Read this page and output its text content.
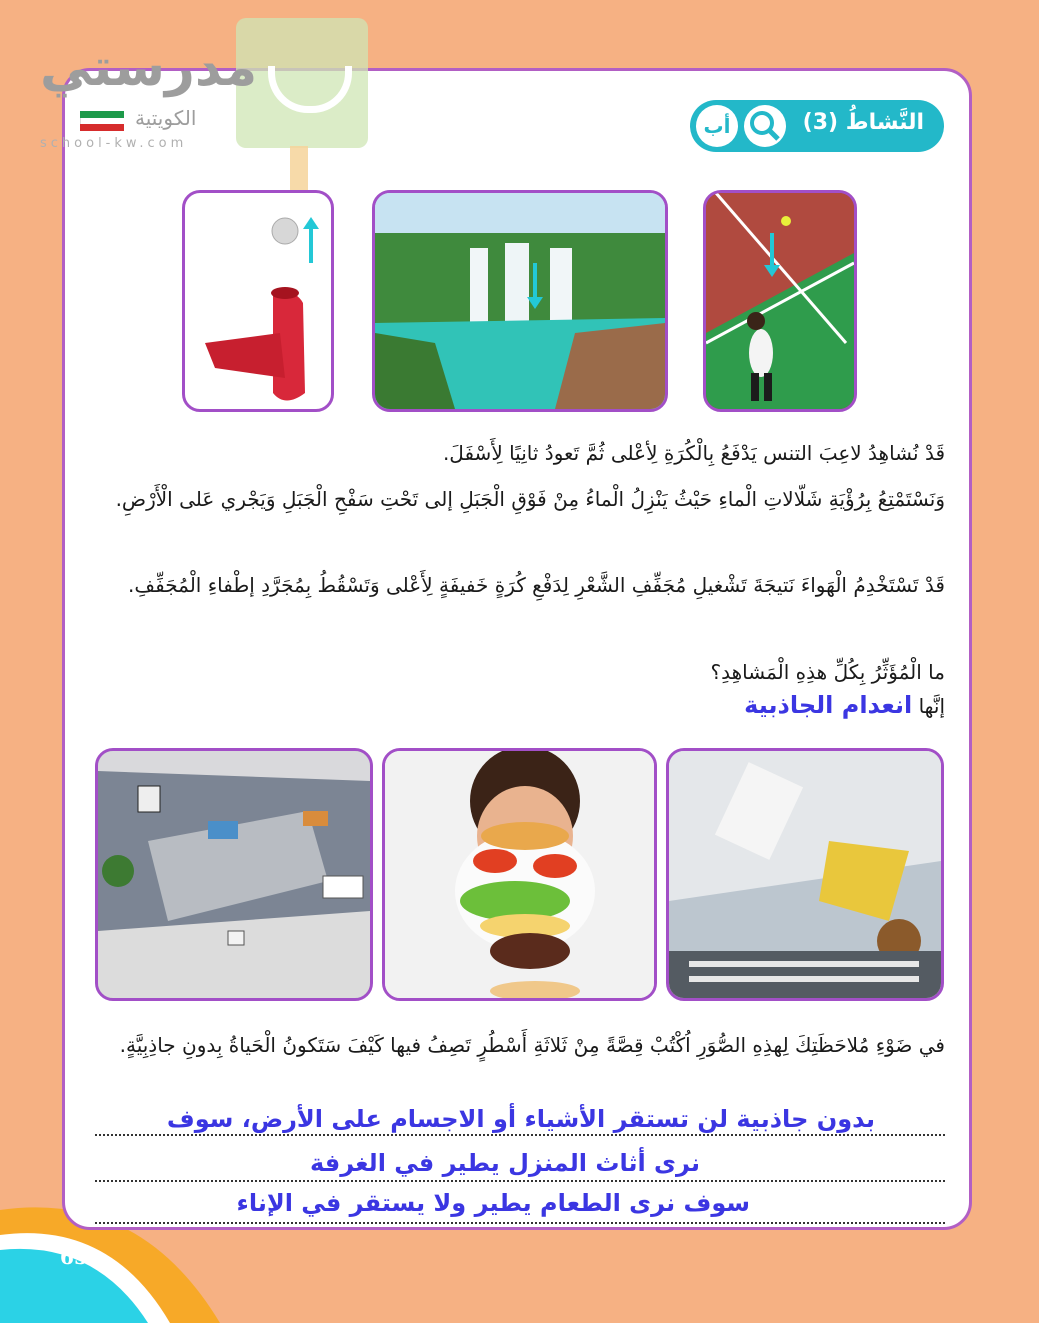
65
مدرستي
الكويتية
school-kw.com
النَّشاطُ (3)
أب
قَدْ نُشاهِدُ لاعِبَ التنس يَدْفَعُ بِالْكُرَةِ لِأعْلى ثُمَّ تَعودُ ثانِيًا لِأَسْفَلَ.
وَنَسْتَمْتِعُ بِرُؤْيَةِ شَلّالاتِ الْماءِ حَيْثُ يَنْزِلُ الْماءُ مِنْ فَوْقِ الْجَبَلِ إلى تَحْتِ سَفْحِ الْجَبَلِ وَيَجْري عَلى الْأَرْضِ.
قَدْ تَسْتَخْدِمُ الْهَواءَ نَتيجَةَ تَشْغيلِ مُجَفِّفِ الشَّعْرِ لِدَفْعِ كُرَةٍ خَفيفَةٍ لِأَعْلى وَتَسْقُطُ بِمُجَرَّدِ إطْفاءِ الْمُجَفِّفِ.
ما الْمُؤَثِّرُ بِكُلِّ هذِهِ الْمَشاهِدِ؟
إنَّها انعدام الجاذبية
في ضَوْءِ مُلاحَظَتِكَ لِهذِهِ الصُّوَرِ اُكْتُبْ قِصَّةً مِنْ ثَلاثَةِ أَسْطُرٍ تَصِفُ فيها كَيْفَ سَتَكونُ الْحَياةُ بِدونِ جاذِبِيَّةٍ.
بدون جاذبية لن تستقر الأشياء أو الاجسام على الأرض، سوف
نرى أثاث المنزل يطير في الغرفة
سوف نرى الطعام يطير ولا يستقر في الإناء
